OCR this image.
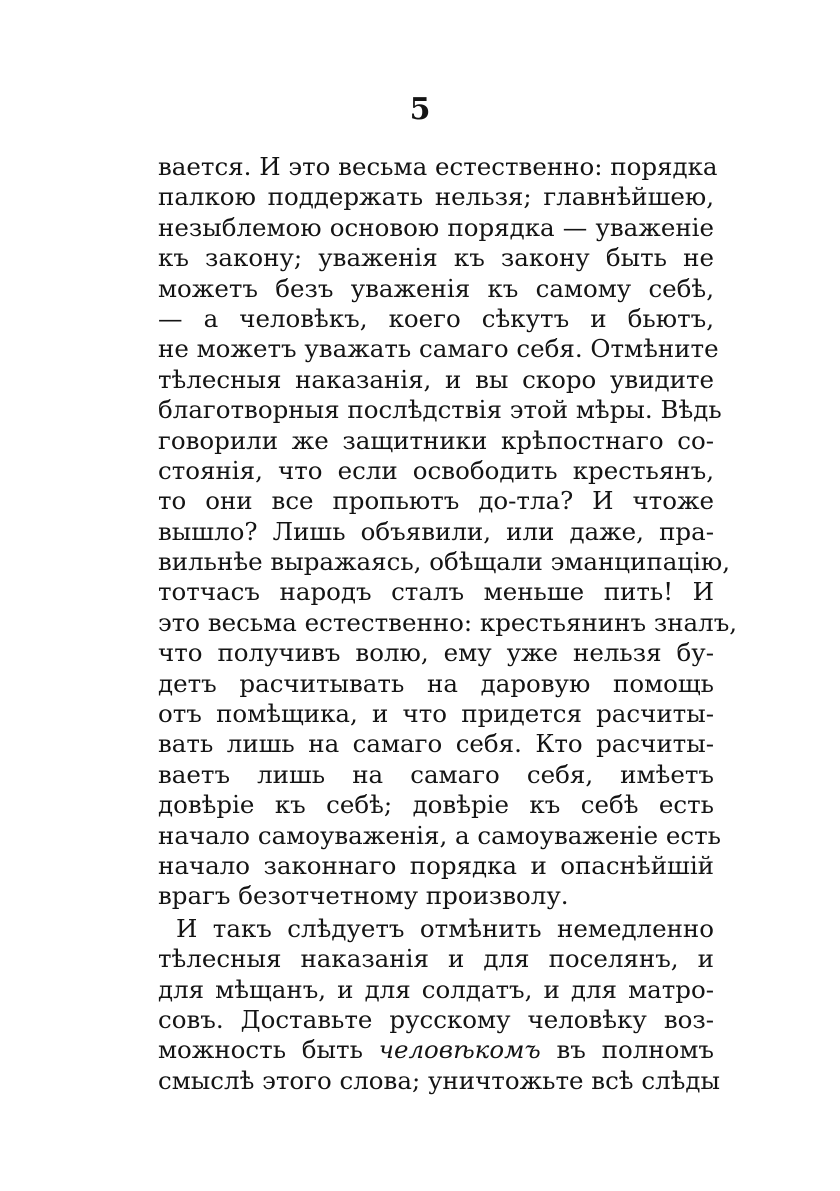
5
вается. И это весьма естественно: порядка
палкою поддержать нельзя; главнѣйшею,
незыблемою основою порядка — уваженіе
къ закону; уваженія къ закону быть не
можетъ безъ уваженія къ самому себѣ,
— а человѣкъ, коего сѣкутъ и бьютъ,
не можетъ уважать самаго себя. Отмѣните
тѣлесныя наказанія, и вы скоро увидите
благотворныя послѣдствія этой мѣры. Вѣдь
говорили же защитники крѣпостнаго со-
стоянія, что если освободить крестьянъ,
то они все пропьютъ до-тла? И чтоже
вышло? Лишь объявили, или даже, пра-
вильнѣе выражаясь, обѣщали эманципацію,
тотчасъ народъ сталъ меньше пить! И
это весьма естественно: крестьянинъ зналъ,
что получивъ волю, ему уже нельзя бу-
детъ расчитывать на даровую помощь
отъ помѣщика, и что придется расчиты-
вать лишь на самаго себя. Кто расчиты-
ваетъ лишь на самаго себя, имѣетъ
довѣріе къ себѣ; довѣріе къ себѣ есть
начало самоуваженія, а самоуваженіе есть
начало законнаго порядка и опаснѣйшій
врагъ безотчетному произволу.
И такъ слѣдуетъ отмѣнить немедленно
тѣлесныя наказанія и для поселянъ, и
для мѣщанъ, и для солдатъ, и для матро-
совъ. Доставьте русскому человѣку воз-
можность быть человѣкомъ въ полномъ
смыслѣ этого слова; уничтожьте всѣ слѣды
